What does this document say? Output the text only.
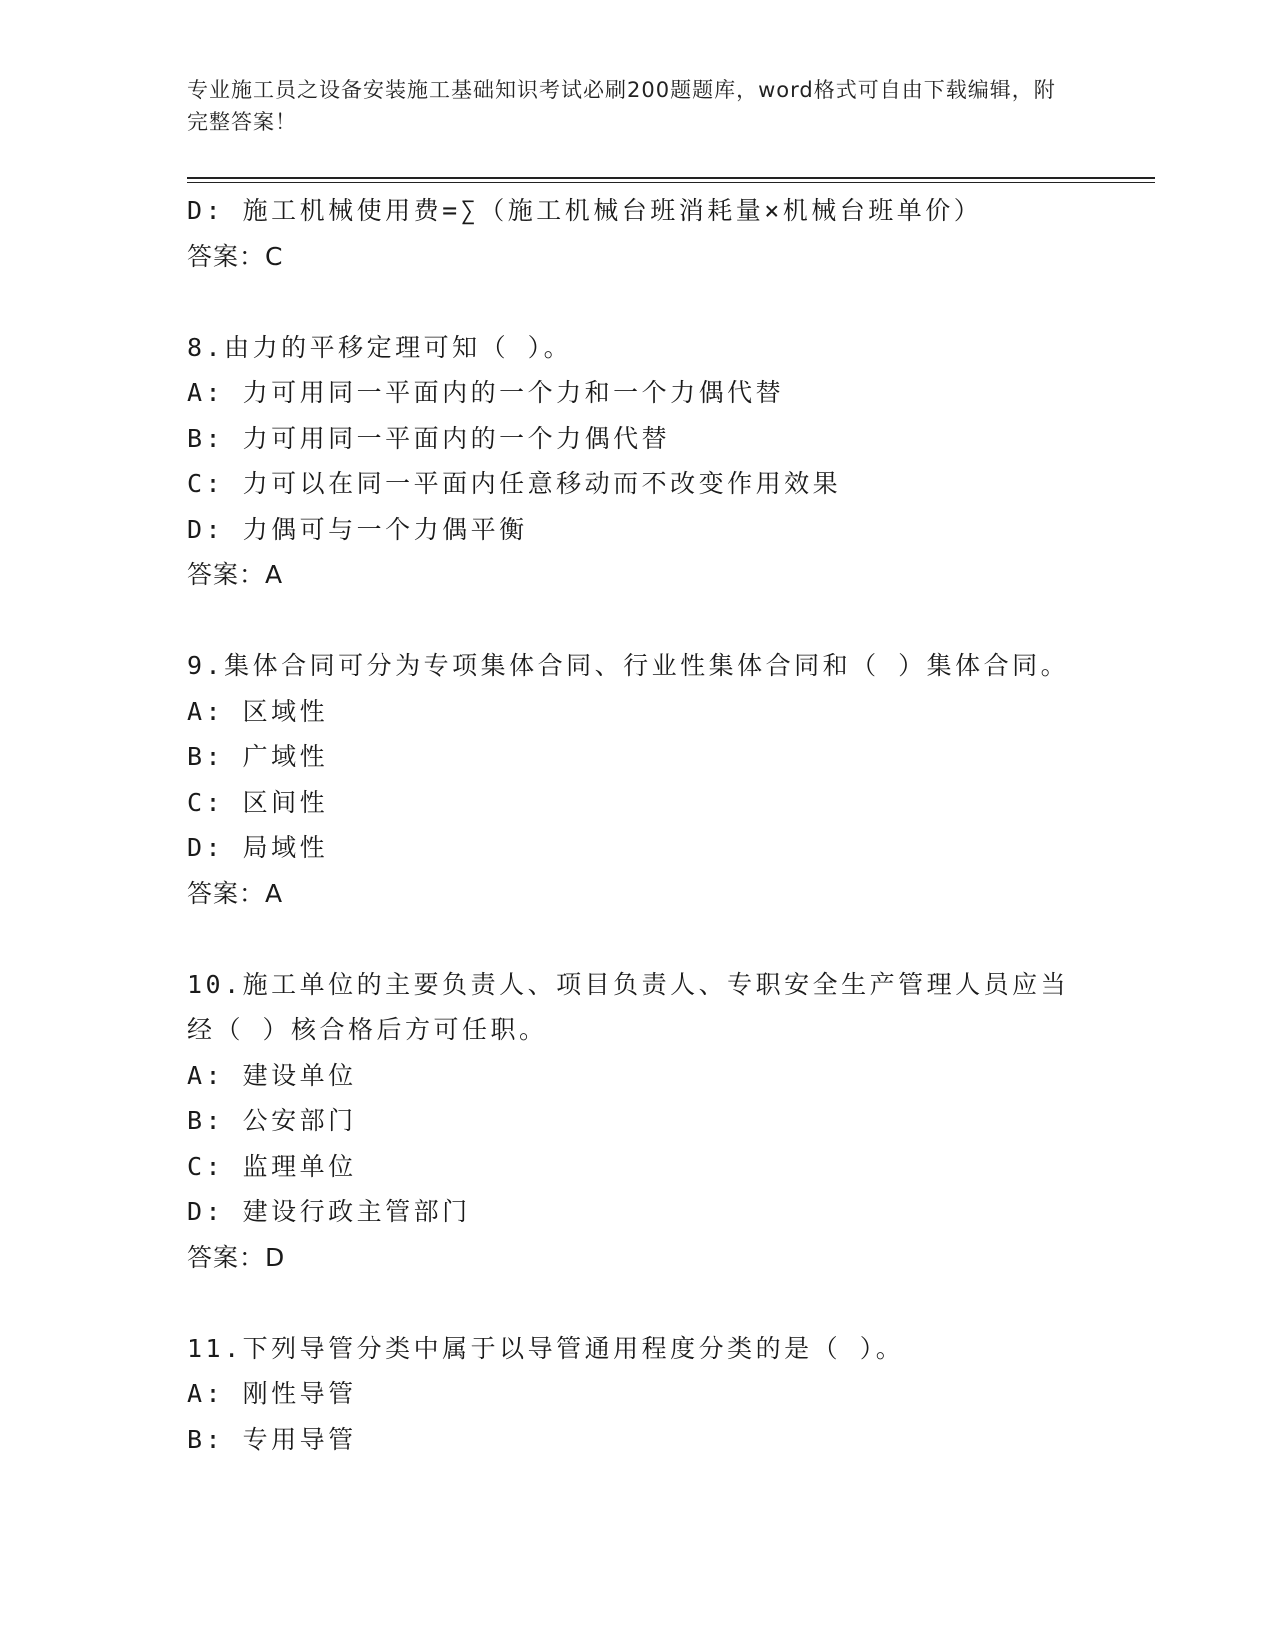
专业施工员之设备安装施工基础知识考试必刷200题题库，word格式可自由下载编辑，附完整答案！
D: 施工机械使用费=∑（施工机械台班消耗量×机械台班单价）
答案：C
8.由力的平移定理可知（ ）。
A: 力可用同一平面内的一个力和一个力偶代替
B: 力可用同一平面内的一个力偶代替
C: 力可以在同一平面内任意移动而不改变作用效果
D: 力偶可与一个力偶平衡
答案：A
9.集体合同可分为专项集体合同、行业性集体合同和（ ）集体合同。
A: 区域性
B: 广域性
C: 区间性
D: 局域性
答案：A
10.施工单位的主要负责人、项目负责人、专职安全生产管理人员应当经（ ）核合格后方可任职。
A: 建设单位
B: 公安部门
C: 监理单位
D: 建设行政主管部门
答案：D
11.下列导管分类中属于以导管通用程度分类的是（ ）。
A: 刚性导管
B: 专用导管
